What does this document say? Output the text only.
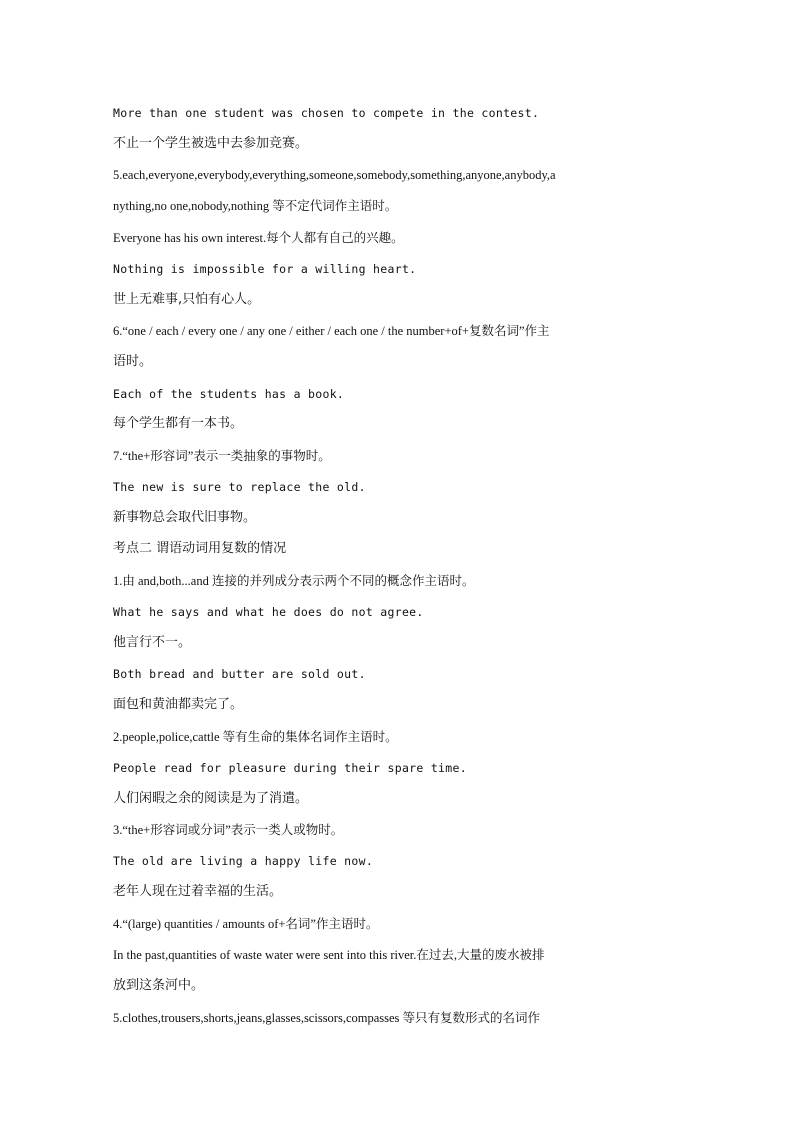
More than one student was chosen to compete in the contest.
不止一个学生被选中去参加竞赛。
5.each,everyone,everybody,everything,someone,somebody,something,anyone,anybody,a
nything,no one,nobody,nothing 等不定代词作主语时。
Everyone has his own interest.每个人都有自己的兴趣。
Nothing is impossible for a willing heart.
世上无难事,只怕有心人。
6.“one / each / every one / any one / either / each one / the number+of+复数名词”作主
语时。
Each of the students has a book.
每个学生都有一本书。
7.“the+形容词”表示一类抽象的事物时。
The new is sure to replace the old.
新事物总会取代旧事物。
考点二 谓语动词用复数的情况
1.由 and,both...and 连接的并列成分表示两个不同的概念作主语时。
What he says and what he does do not agree.
他言行不一。
Both bread and butter are sold out.
面包和黄油都卖完了。
2.people,police,cattle 等有生命的集体名词作主语时。
People read for pleasure during their spare time.
人们闲暇之余的阅读是为了消遣。
3.“the+形容词或分词”表示一类人或物时。
The old are living a happy life now.
老年人现在过着幸福的生活。
4.“(large) quantities / amounts of+名词”作主语时。
In the past,quantities of waste water were sent into this river.在过去,大量的废水被排
放到这条河中。
5.clothes,trousers,shorts,jeans,glasses,scissors,compasses 等只有复数形式的名词作
